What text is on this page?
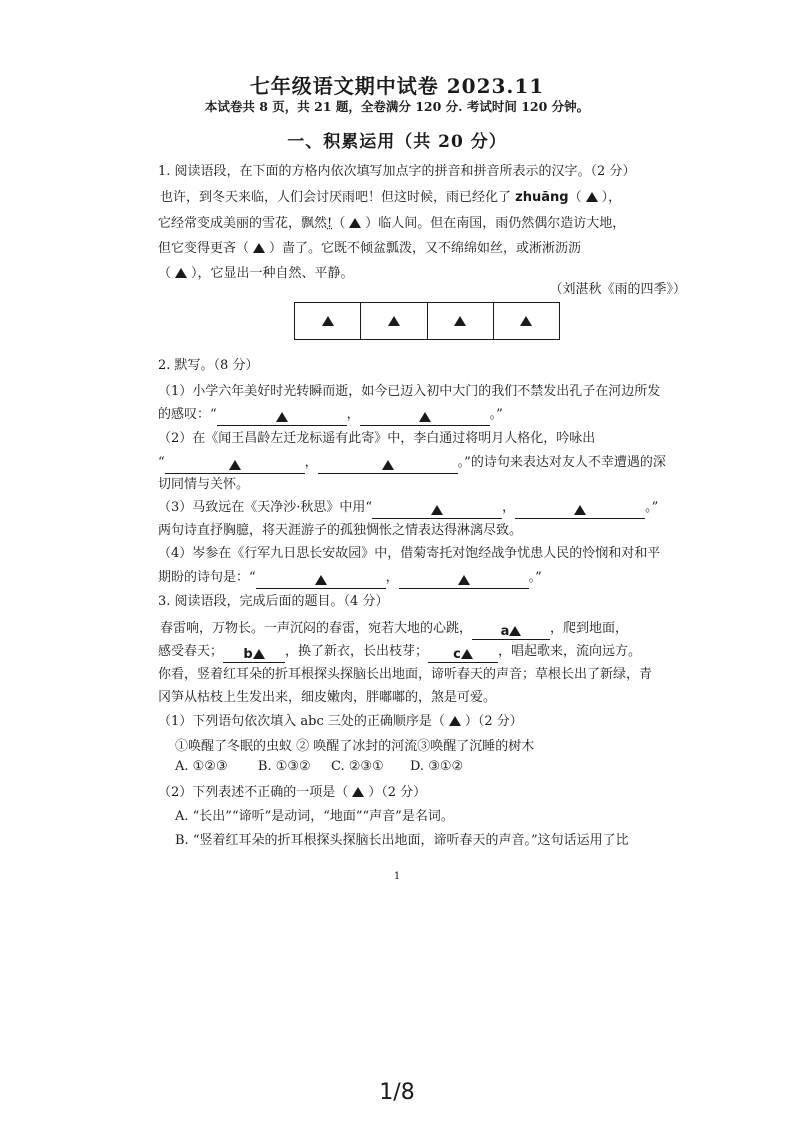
七年级语文期中试卷 2023.11
本试卷共 8 页，共 21 题，全卷满分 120 分. 考试时间 120 分钟。
一、积累运用（共 20 分）
1. 阅读语段，在下面的方格内依次填写加点字的拼音和拼音所表示的汉字。（2 分）
也许，到冬天来临，人们会讨厌雨吧！但这时候，雨已经化了 zhuāng（ ），
它经常变成美丽的雪花，飘然!（ ）临人间。但在南国，雨仍然偶尔造访大地，
但它变得更吝（ ）啬了。它既不倾盆瓢泼，又不绵绵如丝，或淅淅沥沥
（ ），它显出一种自然、平静。
（刘湛秋《雨的四季》）
2. 默写。（8 分）
（1）小学六年美好时光转瞬而逝，如今已迈入初中大门的我们不禁发出孔子在河边所发
的感叹：“	，	。”
（2）在《闻王昌龄左迁龙标遥有此寄》中，李白通过将明月人格化，吟咏出
“	，	。”的诗句来表达对友人不幸遭遇的深
切同情与关怀。
（3）马致远在《天净沙·秋思》中用“	，	。”
两句诗直抒胸臆，将天涯游子的孤独惆怅之情表达得淋漓尽致。
（4）岑参在《行军九日思长安故园》中，借菊寄托对饱经战争忧患人民的怜悯和对和平
期盼的诗句是：“	，	。”
3. 阅读语段，完成后面的题目。（4 分）
春雷响，万物长。一声沉闷的春雷，宛若大地的心跳， a	，爬到地面，
感受春天； b ，换了新衣，长出枝芽； c	，唱起歌来，流向远方。
你看，竖着红耳朵的折耳根探头探脑长出地面，谛听春天的声音；草根长出了新绿，青
冈笋从枯枝上生发出来，细皮嫩肉，胖嘟嘟的，煞是可爱。
（1）下列语句依次填入 abc 三处的正确顺序是（ ）（2 分）
①唤醒了冬眠的虫蚁 ② 唤醒了冰封的河流③唤醒了沉睡的树木
A. ①②③ B. ①③② C. ②③① D. ③①②
（2）下列表述不正确的一项是（ ）（2 分）
A. “长出”“谛听”是动词，“地面”“声音”是名词。
B. “竖着红耳朵的折耳根探头探脑长出地面，谛听春天的声音。”这句话运用了比
1
1/8
